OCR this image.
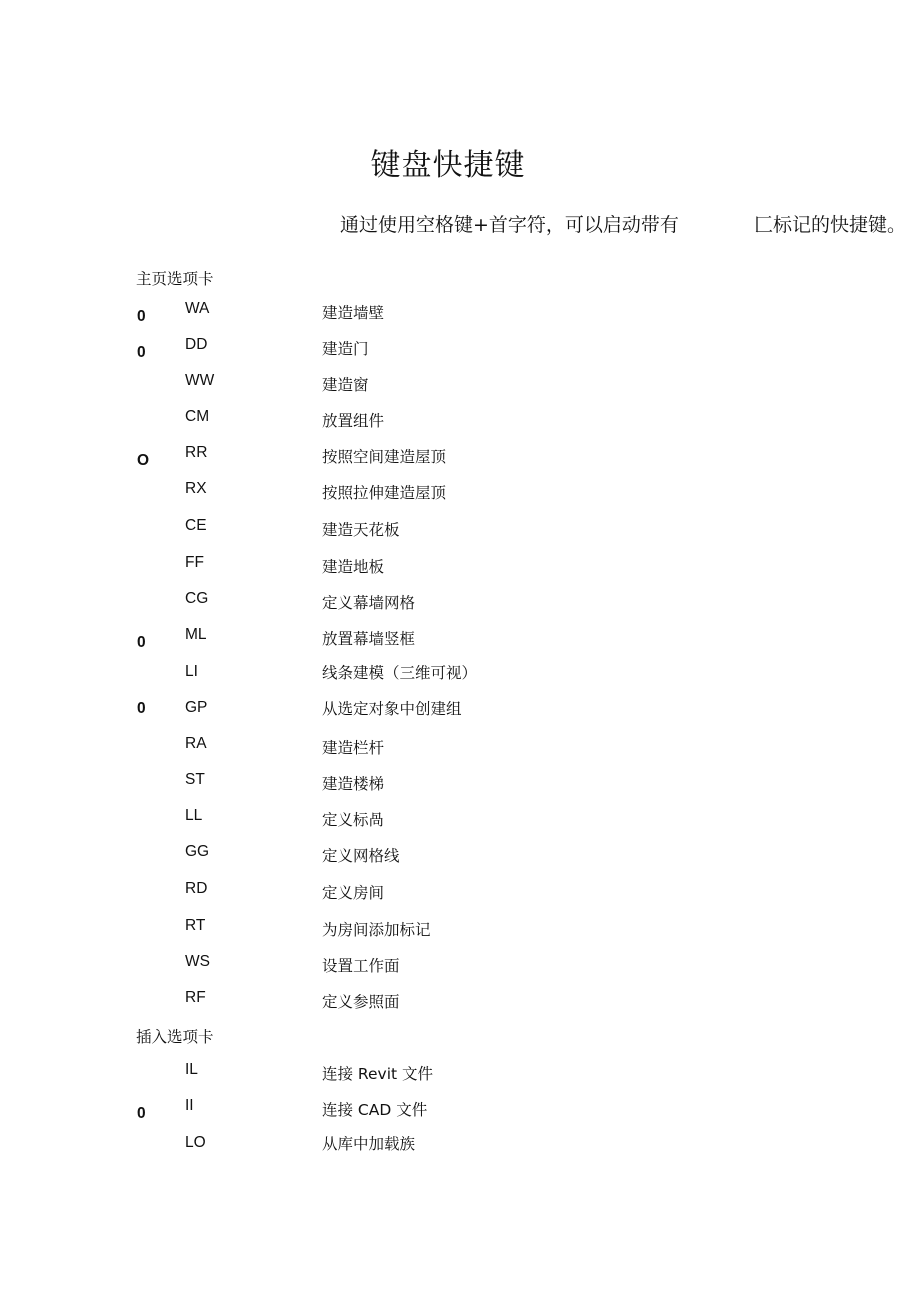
键盘快捷键
通过使用空格键+首字符，可以启动带有	匚标记的快捷键。
主页选项卡
0	WA	建造墙壁
0	DD	建造门
WW	建造窗
CM	放置组件
O RR	按照空间建造屋顶
RX	按照拉伸建造屋顶
CE	建造天花板
FF	建造地板
CG	定义幕墙网格
0	ML	放置幕墙竖框
LI	线条建模（三维可视）
0	GP	从选定对象中创建组
RA	建造栏杆
ST	建造楼梯
LL	定义标咼
GG	定义网格线
RD	定义房间
RT	为房间添加标记
WS	设置工作面
RF	定义参照面
插入选项卡
IL	连接 Revit 文件
0	II	连接 CAD 文件
LO	从库中加载族
